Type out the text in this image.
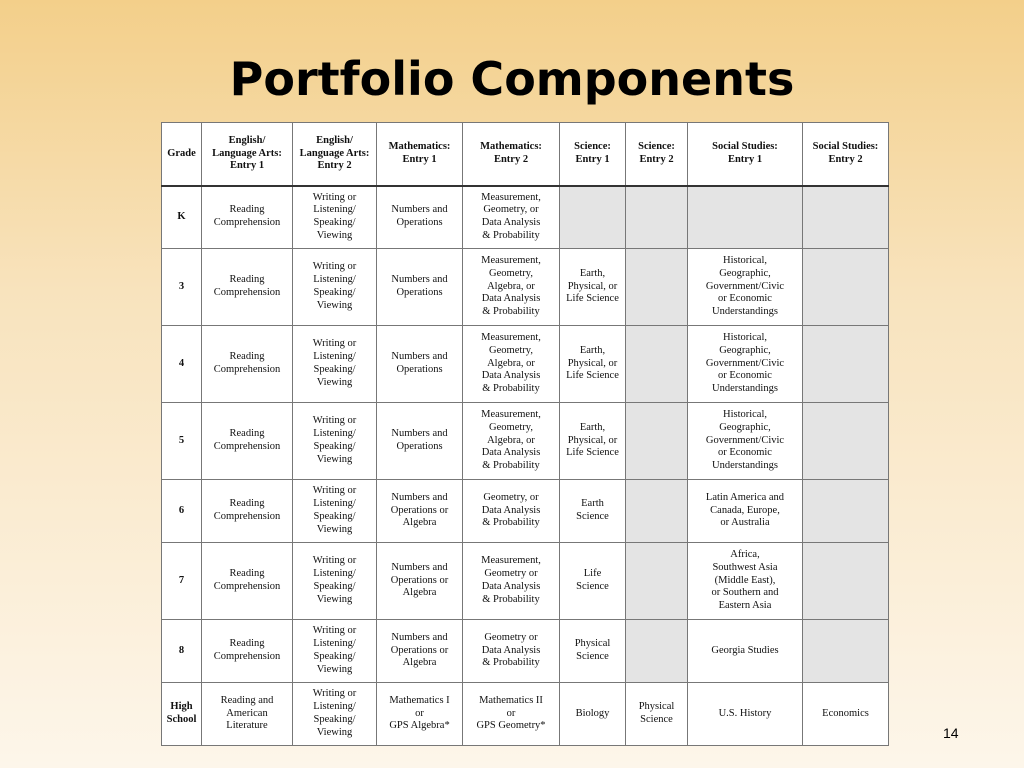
Portfolio Components
Grade	English/
Language Arts:
Entry 1	English/
Language Arts:
Entry 2	Mathematics:
Entry 1	Mathematics:
Entry 2	Science:
Entry 1	Science:
Entry 2	Social Studies:
Entry 1	Social Studies:
Entry 2
K	Reading
Comprehension	Writing or
Listening/
Speaking/
Viewing	Numbers and
Operations	Measurement,
Geometry, or
Data Analysis
& Probability				
3	Reading
Comprehension	Writing or
Listening/
Speaking/
Viewing	Numbers and
Operations	Measurement,
Geometry,
Algebra, or
Data Analysis
& Probability	Earth,
Physical, or
Life Science		Historical,
Geographic,
Government/Civic
or Economic
Understandings	
4	Reading
Comprehension	Writing or
Listening/
Speaking/
Viewing	Numbers and
Operations	Measurement,
Geometry,
Algebra, or
Data Analysis
& Probability	Earth,
Physical, or
Life Science		Historical,
Geographic,
Government/Civic
or Economic
Understandings	
5	Reading
Comprehension	Writing or
Listening/
Speaking/
Viewing	Numbers and
Operations	Measurement,
Geometry,
Algebra, or
Data Analysis
& Probability	Earth,
Physical, or
Life Science		Historical,
Geographic,
Government/Civic
or Economic
Understandings	
6	Reading
Comprehension	Writing or
Listening/
Speaking/
Viewing	Numbers and
Operations or
Algebra	Geometry, or
Data Analysis
& Probability	Earth
Science		Latin America and
Canada, Europe,
or Australia	
7	Reading
Comprehension	Writing or
Listening/
Speaking/
Viewing	Numbers and
Operations or
Algebra	Measurement,
Geometry or
Data Analysis
& Probability	Life
Science		Africa,
Southwest Asia
(Middle East),
or Southern and
Eastern Asia	
8	Reading
Comprehension	Writing or
Listening/
Speaking/
Viewing	Numbers and
Operations or
Algebra	Geometry or
Data Analysis
& Probability	Physical
Science		Georgia Studies	
High
School	Reading and
American
Literature	Writing or
Listening/
Speaking/
Viewing	Mathematics I
or
GPS Algebra*	Mathematics II
or
GPS Geometry*	Biology	Physical
Science	U.S. History	Economics
14
